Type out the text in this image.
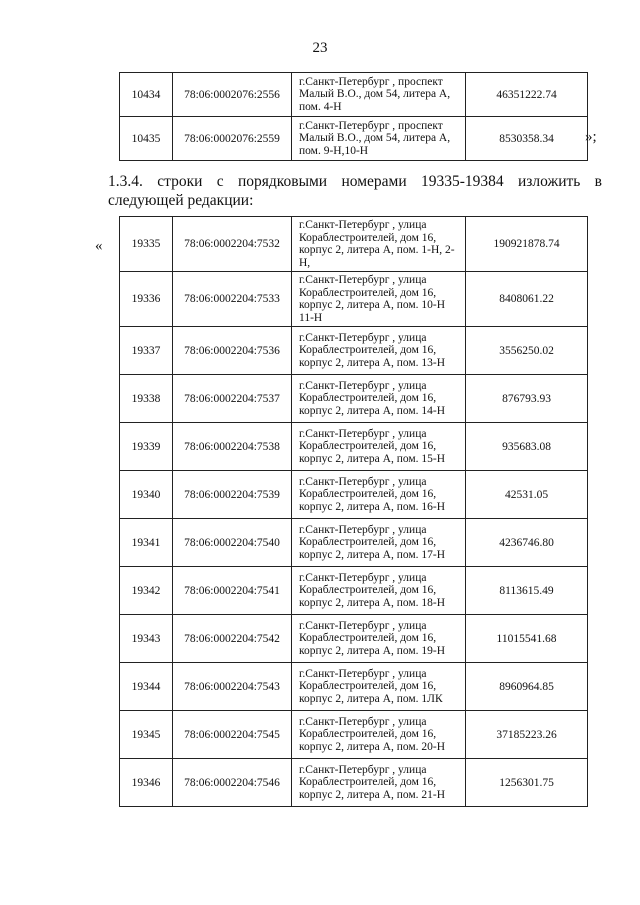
23
10434	78:06:0002076:2556	г.Санкт-Петербург , проспект Малый В.О., дом 54, литера А, пом. 4-Н	46351222.74
10435	78:06:0002076:2559	г.Санкт-Петербург , проспект Малый В.О., дом 54, литера А, пом. 9-Н,10-Н	8530358.34 »;
1.3.4. строки с порядковыми номерами 19335-19384 изложить в следующей редакции:
«	19335	78:06:0002204:7532	г.Санкт-Петербург , улица Кораблестроителей, дом 16, корпус 2, литера А, пом. 1-Н, 2-Н,	190921878.74
19336	78:06:0002204:7533	г.Санкт-Петербург , улица Кораблестроителей, дом 16, корпус 2, литера А, пом. 10-Н 11-Н	8408061.22
19337	78:06:0002204:7536	г.Санкт-Петербург , улица Кораблестроителей, дом 16, корпус 2, литера А, пом. 13-Н	3556250.02
19338	78:06:0002204:7537	г.Санкт-Петербург , улица Кораблестроителей, дом 16, корпус 2, литера А, пом. 14-Н	876793.93
19339	78:06:0002204:7538	г.Санкт-Петербург , улица Кораблестроителей, дом 16, корпус 2, литера А, пом. 15-Н	935683.08
19340	78:06:0002204:7539	г.Санкт-Петербург , улица Кораблестроителей, дом 16, корпус 2, литера А, пом. 16-Н	42531.05
19341	78:06:0002204:7540	г.Санкт-Петербург , улица Кораблестроителей, дом 16, корпус 2, литера А, пом. 17-Н	4236746.80
19342	78:06:0002204:7541	г.Санкт-Петербург , улица Кораблестроителей, дом 16, корпус 2, литера А, пом. 18-Н	8113615.49
19343	78:06:0002204:7542	г.Санкт-Петербург , улица Кораблестроителей, дом 16, корпус 2, литера А, пом. 19-Н	11015541.68
19344	78:06:0002204:7543	г.Санкт-Петербург , улица Кораблестроителей, дом 16, корпус 2, литера А, пом. 1ЛК	8960964.85
19345	78:06:0002204:7545	г.Санкт-Петербург , улица Кораблестроителей, дом 16, корпус 2, литера А, пом. 20-Н	37185223.26
19346	78:06:0002204:7546	г.Санкт-Петербург , улица Кораблестроителей, дом 16, корпус 2, литера А, пом. 21-Н	1256301.75
